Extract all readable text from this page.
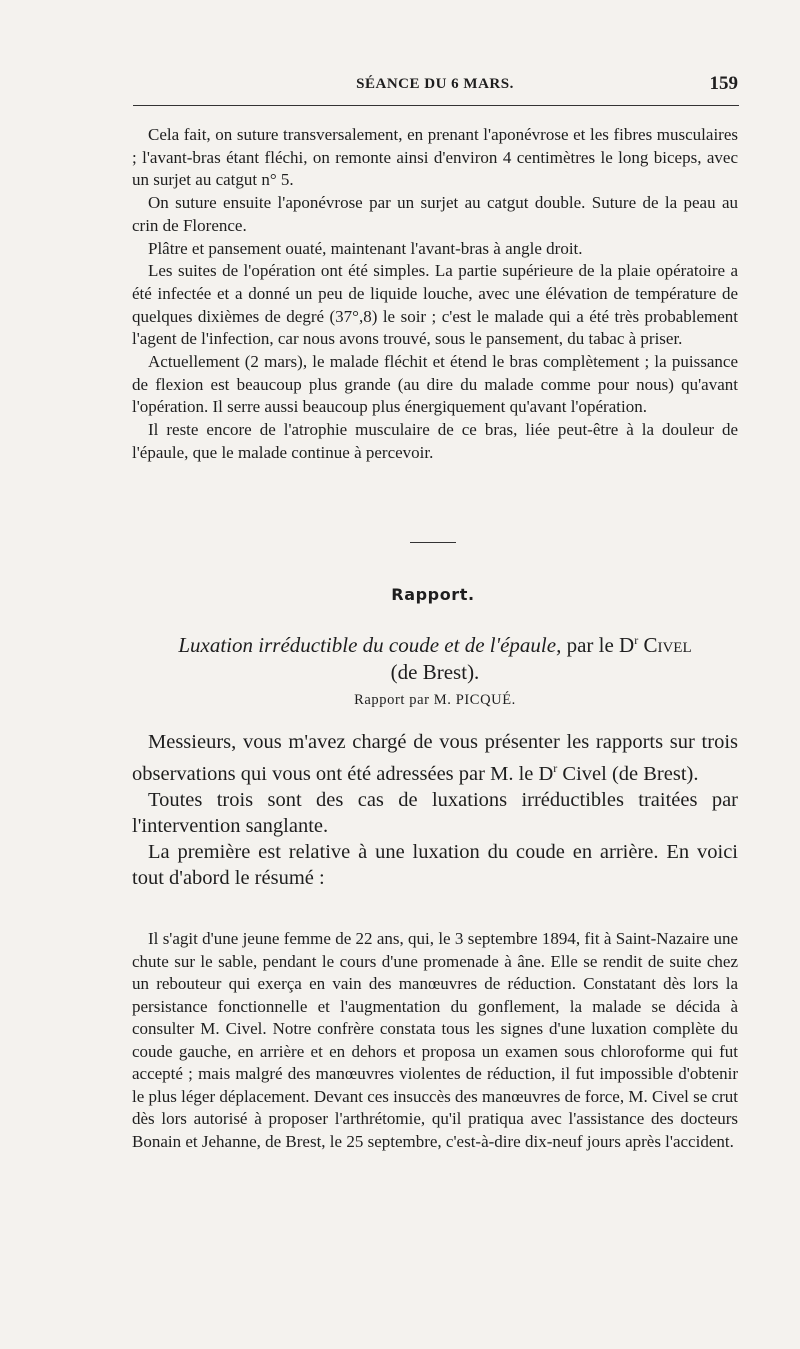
SÉANCE DU 6 MARS.	159

Cela fait, on suture transversalement, en prenant l'aponévrose et les fibres musculaires ; l'avant-bras étant fléchi, on remonte ainsi d'environ 4 centimètres le long biceps, avec un surjet au catgut n° 5.

On suture ensuite l'aponévrose par un surjet au catgut double. Suture de la peau au crin de Florence.

Plâtre et pansement ouaté, maintenant l'avant-bras à angle droit.

Les suites de l'opération ont été simples. La partie supérieure de la plaie opératoire a été infectée et a donné un peu de liquide louche, avec une élévation de température de quelques dixièmes de degré (37°,8) le soir ; c'est le malade qui a été très probablement l'agent de l'infection, car nous avons trouvé, sous le pansement, du tabac à priser.

Actuellement (2 mars), le malade fléchit et étend le bras complètement ; la puissance de flexion est beaucoup plus grande (au dire du malade comme pour nous) qu'avant l'opération. Il serre aussi beaucoup plus énergiquement qu'avant l'opération.

Il reste encore de l'atrophie musculaire de ce bras, liée peut-être à la douleur de l'épaule, que le malade continue à percevoir.

Rapport.
Luxation irréductible du coude et de l'épaule, par le $D^r$ Civel
(de Brest).
Rapport par M. PICQUÉ.

Messieurs, vous m'avez chargé de vous présenter les rapports sur trois observations qui vous ont été adressées par M. le $D^r$ Civel (de Brest).

Toutes trois sont des cas de luxations irréductibles traitées par l'intervention sanglante.

La première est relative à une luxation du coude en arrière. En voici tout d'abord le résumé :

Il s'agit d'une jeune femme de 22 ans, qui, le 3 septembre 1894, fit à Saint-Nazaire une chute sur le sable, pendant le cours d'une promenade à âne. Elle se rendit de suite chez un rebouteur qui exerça en vain des manœuvres de réduction. Constatant dès lors la persistance fonctionnelle et l'augmentation du gonflement, la malade se décida à consulter M. Civel. Notre confrère constata tous les signes d'une luxation complète du coude gauche, en arrière et en dehors et proposa un examen sous chloroforme qui fut accepté ; mais malgré des manœuvres violentes de réduction, il fut impossible d'obtenir le plus léger déplacement. Devant ces insuccès des manœuvres de force, M. Civel se crut dès lors autorisé à proposer l'arthrétomie, qu'il pratiqua avec l'assistance des docteurs Bonain et Jehanne, de Brest, le 25 septembre, c'est-à-dire dix-neuf jours après l'accident.
